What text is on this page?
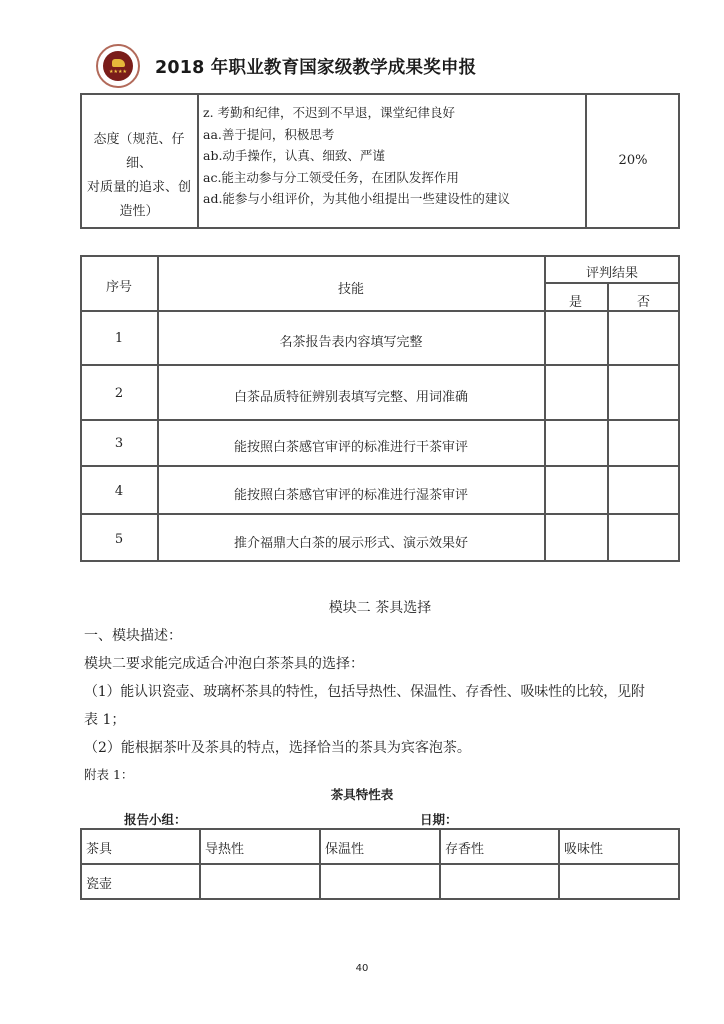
★★★★ 2018 年职业教育国家级教学成果奖申报
态度（规范、仔细、
对质量的追求、创
造性）
z. 考勤和纪律，不迟到不早退，课堂纪律良好
aa.善于提问，积极思考
ab.动手操作，认真、细致、严谨
ac.能主动参与分工领受任务，在团队发挥作用
ad.能参与小组评价，为其他小组提出一些建设性的建议
20%
序号	技能
评判结果
是	否
1	名茶报告表内容填写完整
2	白茶品质特征辨别表填写完整、用词准确
3	能按照白茶感官审评的标准进行干茶审评
4	能按照白茶感官审评的标准进行湿茶审评
5	推介福鼎大白茶的展示形式、演示效果好
模块二 茶具选择
一、模块描述：
模块二要求能完成适合冲泡白茶茶具的选择：
（1）能认识瓷壶、玻璃杯茶具的特性，包括导热性、保温性、存香性、吸味性的比较，见附
表 1；
（2）能根据茶叶及茶具的特点，选择恰当的茶具为宾客泡茶。
附表 1：
茶具特性表
报告小组：	日期：
茶具	导热性	保温性	存香性	吸味性
瓷壶
40
